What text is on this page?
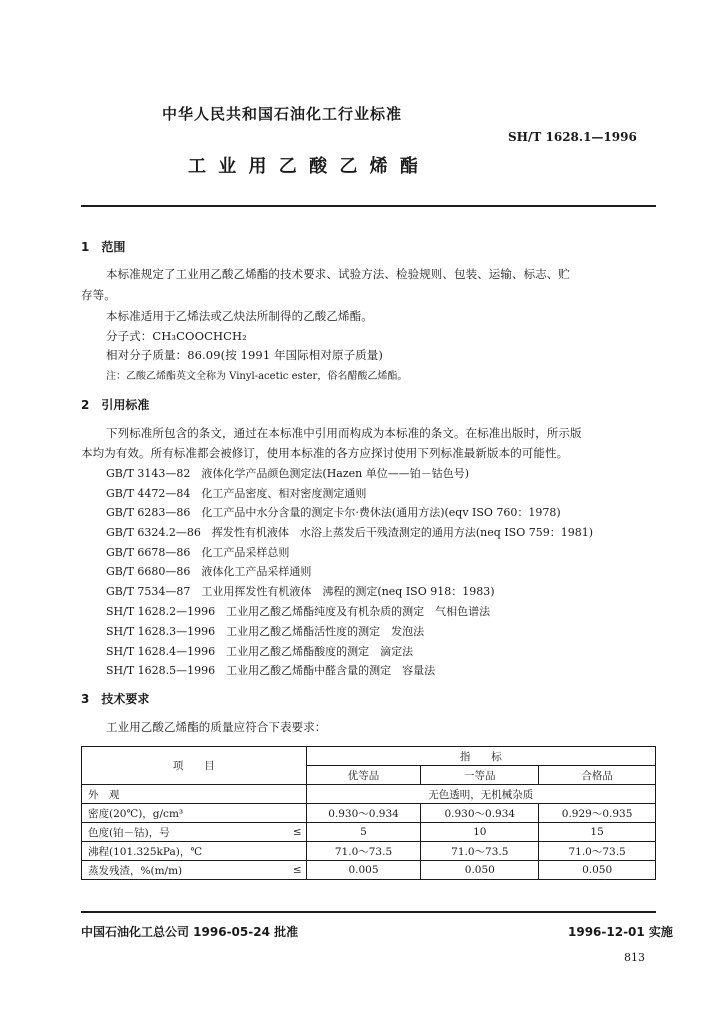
中华人民共和国石油化工行业标准
SH/T 1628.1—1996
工 业 用 乙 酸 乙 烯 酯
1　范围
本标准规定了工业用乙酸乙烯酯的技术要求、试验方法、检验规则、包装、运输、标志、贮
存等。
本标准适用于乙烯法或乙炔法所制得的乙酸乙烯酯。
分子式：CH₃COOCHCH₂
相对分子质量：86.09(按 1991 年国际相对原子质量)
注：乙酸乙烯酯英文全称为 Vinyl-acetic ester，俗名醋酸乙烯酯。
2　引用标准
下列标准所包含的条文，通过在本标准中引用而构成为本标准的条文。在标准出版时，所示版
本均为有效。所有标准都会被修订，使用本标准的各方应探讨使用下列标准最新版本的可能性。
GB/T 3143—82　液体化学产品颜色测定法(Hazen 单位——铂－钴色号)
GB/T 4472—84　化工产品密度、相对密度测定通则
GB/T 6283—86　化工产品中水分含量的测定卡尔·费休法(通用方法)(eqv ISO 760：1978)
GB/T 6324.2—86　挥发性有机液体　水浴上蒸发后干残渣测定的通用方法(neq ISO 759：1981)
GB/T 6678—86　化工产品采样总则
GB/T 6680—86　液体化工产品采样通则
GB/T 7534—87　工业用挥发性有机液体　沸程的测定(neq ISO 918：1983)
SH/T 1628.2—1996　工业用乙酸乙烯酯纯度及有机杂质的测定　气相色谱法
SH/T 1628.3—1996　工业用乙酸乙烯酯活性度的测定　发泡法
SH/T 1628.4—1996　工业用乙酸乙烯酯酸度的测定　滴定法
SH/T 1628.5—1996　工业用乙酸乙烯酯中醛含量的测定　容量法
3　技术要求
工业用乙酸乙烯酯的质量应符合下表要求：
项　　目	指　　标		
	优等品	一等品	合格品

外　观	无色透明，无机械杂质		

密度(20℃)，g/cm³	0.930～0.934	0.930～0.934	0.929～0.935

色度(铂－钴)，号 ≤	5	10	15

沸程(101.325kPa)，℃	71.0～73.5	71.0～73.5	71.0～73.5

蒸发残渣，%(m/m) ≤	0.005	0.050	0.050
中国石油化工总公司 1996-05-24 批准	1996-12-01 实施
813
